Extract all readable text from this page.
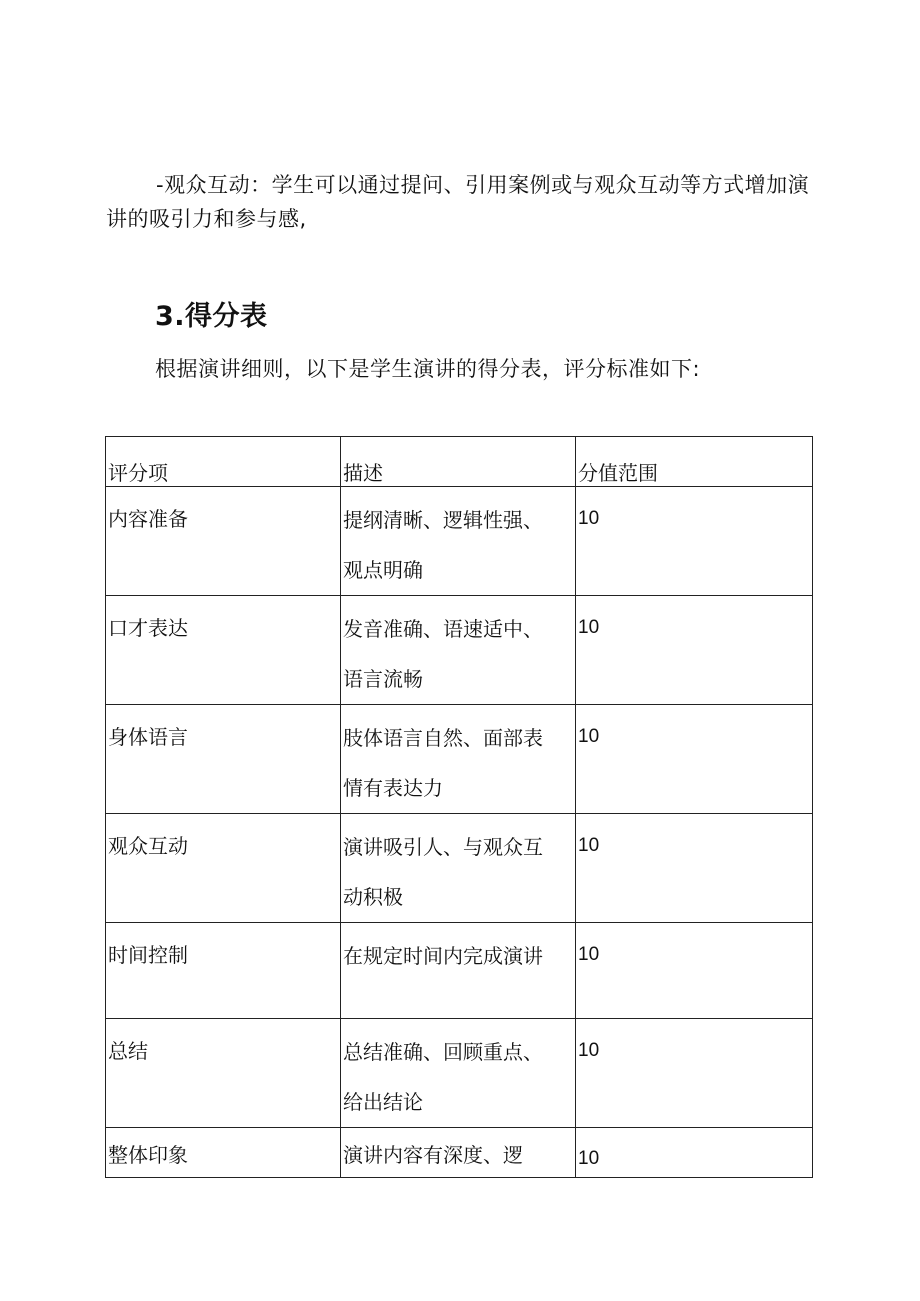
-观众互动：学生可以通过提问、引用案例或与观众互动等方式增加演讲的吸引力和参与感,

3.得分表

根据演讲细则，以下是学生演讲的得分表，评分标准如下:

评分项	描述	分值范围
内容准备	提纲清晰、逻辑性强、观点明确	10
口才表达	发音准确、语速适中、语言流畅	10
身体语言	肢体语言自然、面部表情有表达力	10
观众互动	演讲吸引人、与观众互动积极	10
时间控制	在规定时间内完成演讲	10
总结	总结准确、回顾重点、给出结论	10
整体印象	演讲内容有深度、逻	10
